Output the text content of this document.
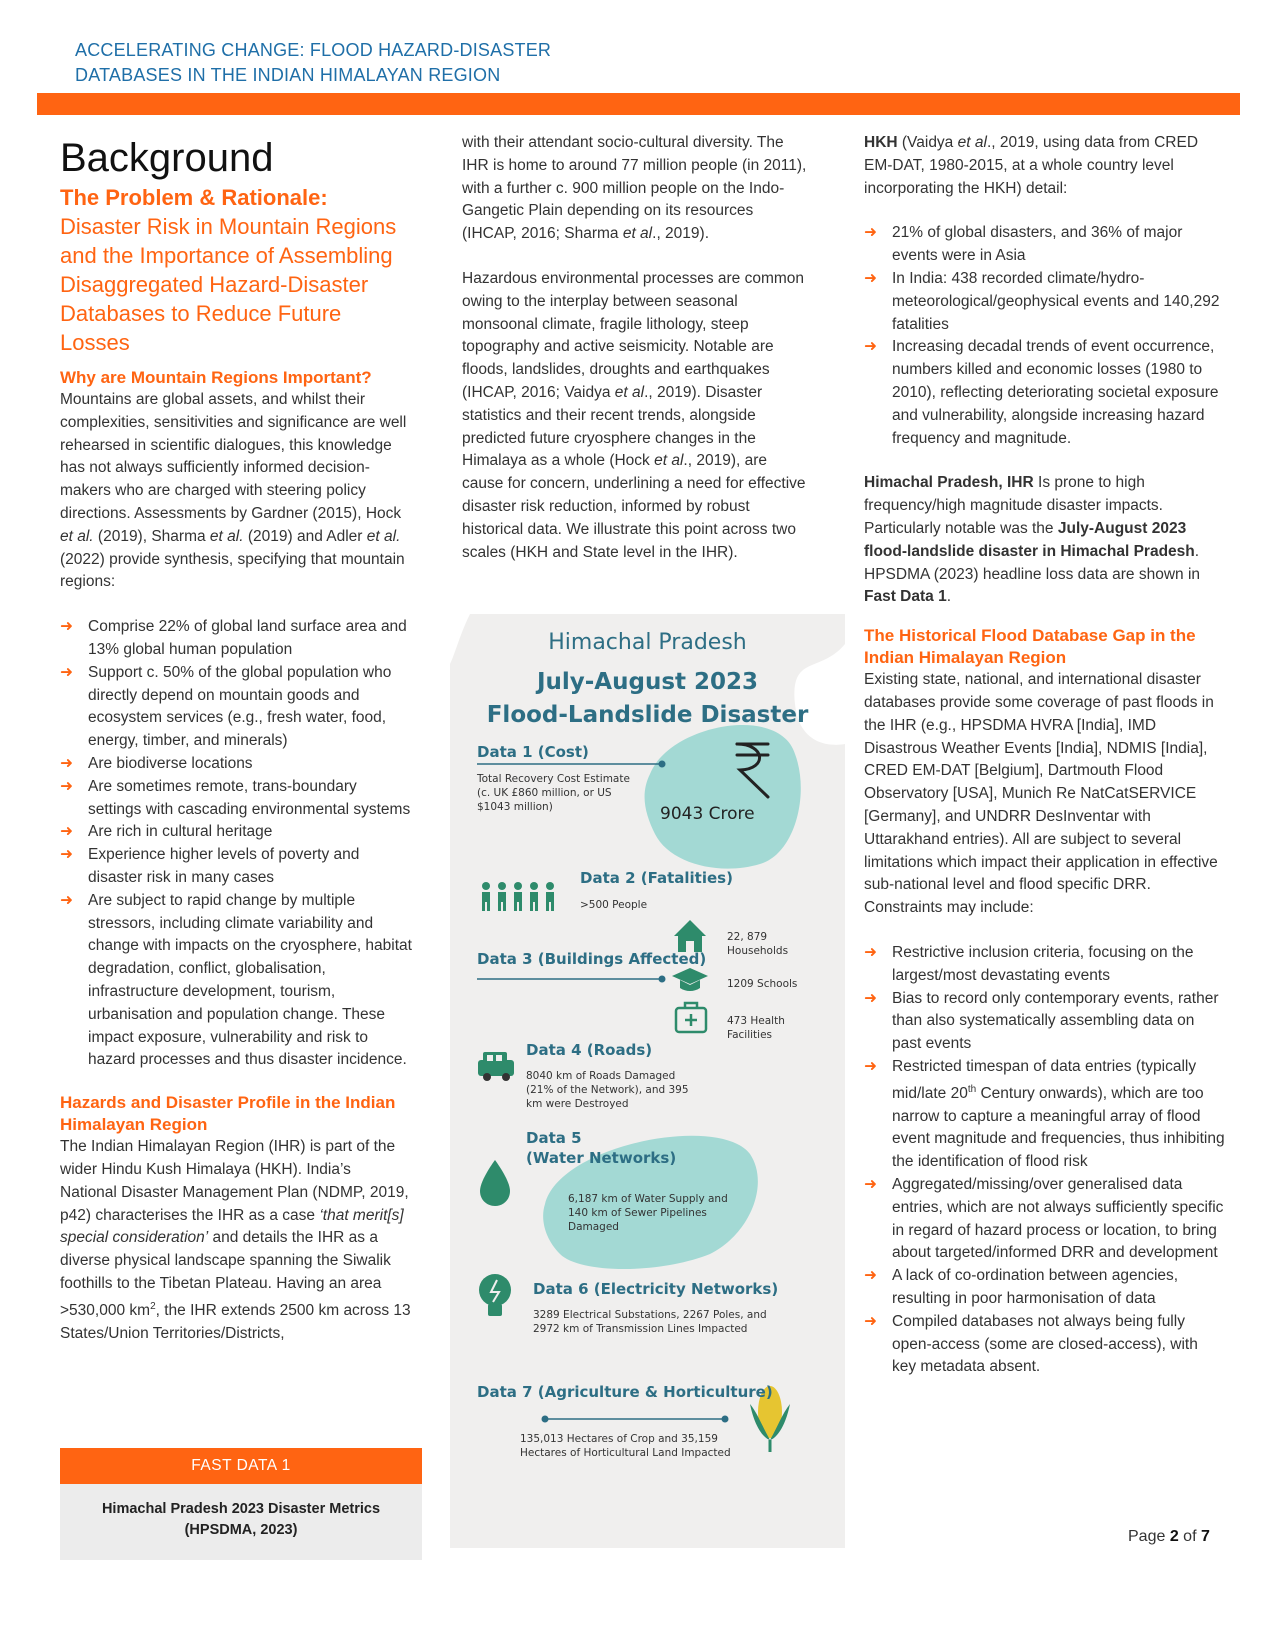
ACCELERATING CHANGE: FLOOD HAZARD-DISASTER
DATABASES IN THE INDIAN HIMALAYAN REGION
Background
The Problem & Rationale:
Disaster Risk in Mountain Regions and the Importance of Assembling Disaggregated Hazard-Disaster Databases to Reduce Future Losses
Why are Mountain Regions Important?

Mountains are global assets, and whilst their complexities, sensitivities and significance are well rehearsed in scientific dialogues, this knowledge has not always sufficiently informed decision-makers who are charged with steering policy directions. Assessments by Gardner (2015), Hock et al. (2019), Sharma et al. (2019) and Adler et al. (2022) provide synthesis, specifying that mountain regions:

➜ Comprise 22% of global land surface area and 13% global human population
➜ Support c. 50% of the global population who directly depend on mountain goods and ecosystem services (e.g., fresh water, food, energy, timber, and minerals)
➜ Are biodiverse locations
➜ Are sometimes remote, trans-boundary settings with cascading environmental systems
➜ Are rich in cultural heritage
➜ Experience higher levels of poverty and disaster risk in many cases
➜ Are subject to rapid change by multiple stressors, including climate variability and change with impacts on the cryosphere, habitat degradation, conflict, globalisation, infrastructure development, tourism, urbanisation and population change. These impact exposure, vulnerability and risk to hazard processes and thus disaster incidence.
Hazards and Disaster Profile in the Indian Himalayan Region

The Indian Himalayan Region (IHR) is part of the wider Hindu Kush Himalaya (HKH). India’s National Disaster Management Plan (NDMP, 2019, p42) characterises the IHR as a case ‘that merit[s] special consideration’ and details the IHR as a diverse physical landscape spanning the Siwalik foothills to the Tibetan Plateau. Having an area >530,000 $km^2$, the IHR extends 2500 km across 13 States/Union Territories/Districts,

FAST DATA 1
Himachal Pradesh 2023 Disaster Metrics
(HPSDMA, 2023)

with their attendant socio-cultural diversity. The IHR is home to around 77 million people (in 2011), with a further c. 900 million people on the Indo-Gangetic Plain depending on its resources (IHCAP, 2016; Sharma et al., 2019).

Hazardous environmental processes are common owing to the interplay between seasonal monsoonal climate, fragile lithology, steep topography and active seismicity. Notable are floods, landslides, droughts and earthquakes (IHCAP, 2016; Vaidya et al., 2019). Disaster statistics and their recent trends, alongside predicted future cryosphere changes in the Himalaya as a whole (Hock et al., 2019), are cause for concern, underlining a need for effective disaster risk reduction, informed by robust historical data. We illustrate this point across two scales (HKH and State level in the IHR).

Himachal Pradesh
July-August 2023
Flood-Landslide Disaster
Data 1 (Cost)
Total Recovery Cost Estimate (c. UK £860 million, or US $1043 million)	9043 Crore
Data 2 (Fatalities)
>500 People
Data 3 (Buildings Affected)
22, 879 Households
1209 Schools
473 Health Facilities
Data 4 (Roads)
8040 km of Roads Damaged (21% of the Network), and 395 km were Destroyed
Data 5
(Water Networks)
6,187 km of Water Supply and 140 km of Sewer Pipelines Damaged
Data 6 (Electricity Networks)
3289 Electrical Substations, 2267 Poles, and 2972 km of Transmission Lines Impacted
Data 7 (Agriculture & Horticulture)
135,013 Hectares of Crop and 35,159 Hectares of Horticultural Land Impacted

HKH (Vaidya et al., 2019, using data from CRED EM-DAT, 1980-2015, at a whole country level incorporating the HKH) detail:

➜ 21% of global disasters, and 36% of major events were in Asia
➜ In India: 438 recorded climate/hydro-meteorological/geophysical events and 140,292 fatalities
➜ Increasing decadal trends of event occurrence, numbers killed and economic losses (1980 to 2010), reflecting deteriorating societal exposure and vulnerability, alongside increasing hazard frequency and magnitude.

Himachal Pradesh, IHR Is prone to high frequency/high magnitude disaster impacts. Particularly notable was the July-August 2023 flood-landslide disaster in Himachal Pradesh. HPSDMA (2023) headline loss data are shown in Fast Data 1.

The Historical Flood Database Gap in the Indian Himalayan Region

Existing state, national, and international disaster databases provide some coverage of past floods in the IHR (e.g., HPSDMA HVRA [India], IMD Disastrous Weather Events [India], NDMIS [India], CRED EM-DAT [Belgium], Dartmouth Flood Observatory [USA], Munich Re NatCatSERVICE [Germany], and UNDRR DesInventar with Uttarakhand entries). All are subject to several limitations which impact their application in effective sub-national level and flood specific DRR. Constraints may include:

➜ Restrictive inclusion criteria, focusing on the largest/most devastating events
➜ Bias to record only contemporary events, rather than also systematically assembling data on past events
➜ Restricted timespan of data entries (typically mid/late 20th Century onwards), which are too narrow to capture a meaningful array of flood event magnitude and frequencies, thus inhibiting the identification of flood risk
➜ Aggregated/missing/over generalised data entries, which are not always sufficiently specific in regard of hazard process or location, to bring about targeted/informed DRR and development
➜ A lack of co-ordination between agencies, resulting in poor harmonisation of data
➜ Compiled databases not always being fully open-access (some are closed-access), with key metadata absent.
Page 2 of 7
